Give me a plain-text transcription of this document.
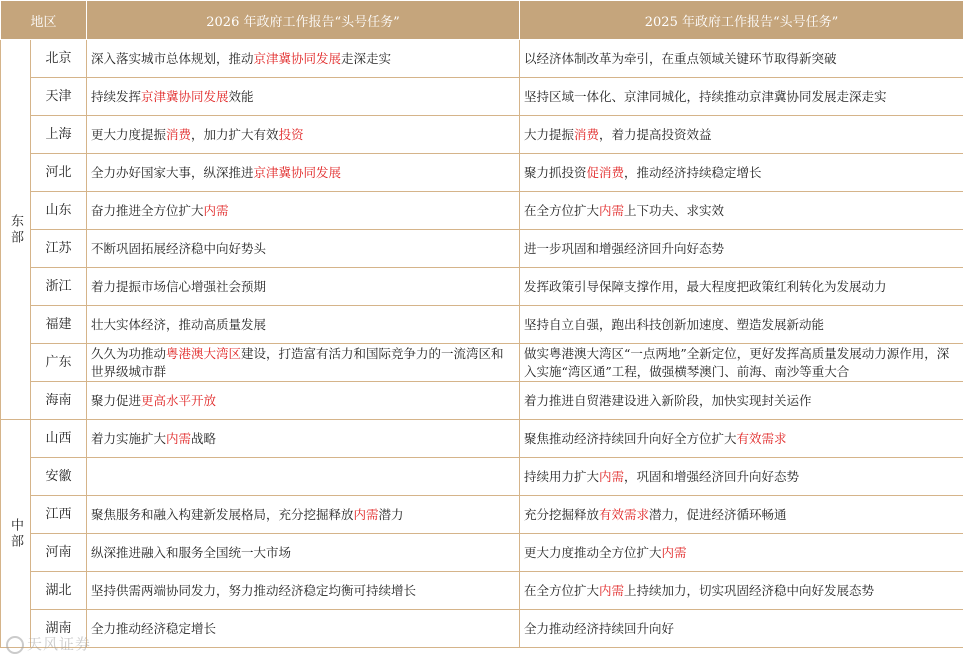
地区		2026 年政府工作报告“头号任务”	2025 年政府工作报告“头号任务”
东部	北京	深入落实城市总体规划，推动京津冀协同发展走深走实	以经济体制改革为牵引，在重点领域关键环节取得新突破
	天津	持续发挥京津冀协同发展效能	坚持区域一体化、京津同城化，持续推动京津冀协同发展走深走实
	上海	更大力度提振消费，加力扩大有效投资	大力提振消费，着力提高投资效益
	河北	全力办好国家大事，纵深推进京津冀协同发展	聚力抓投资促消费，推动经济持续稳定增长
	山东	奋力推进全方位扩大内需	在全方位扩大内需上下功夫、求实效
	江苏	不断巩固拓展经济稳中向好势头	进一步巩固和增强经济回升向好态势
	浙江	着力提振市场信心增强社会预期	发挥政策引导保障支撑作用，最大程度把政策红利转化为发展动力
	福建	壮大实体经济，推动高质量发展	坚持自立自强，跑出科技创新加速度、塑造发展新动能
	广东	久久为功推动粤港澳大湾区建设，打造富有活力和国际竞争力的一流湾区和世界级城市群	做实粤港澳大湾区“一点两地”全新定位，更好发挥高质量发展动力源作用，深入实施“湾区通”工程，做强横琴澳门、前海、南沙等重大合
	海南	聚力促进更高水平开放	着力推进自贸港建设进入新阶段，加快实现封关运作
中部	山西	着力实施扩大内需战略	聚焦推动经济持续回升向好全方位扩大有效需求
	安徽		持续用力扩大内需，巩固和增强经济回升向好态势
	江西	聚焦服务和融入构建新发展格局，充分挖掘释放内需潜力	充分挖掘释放有效需求潜力，促进经济循环畅通
	河南	纵深推进融入和服务全国统一大市场	更大力度推动全方位扩大内需
	湖北	坚持供需两端协同发力，努力推动经济稳定均衡可持续增长	在全方位扩大内需上持续加力，切实巩固经济稳中向好发展态势
	湖南	全力推动经济稳定增长	全力推动经济持续回升向好
天风证券
